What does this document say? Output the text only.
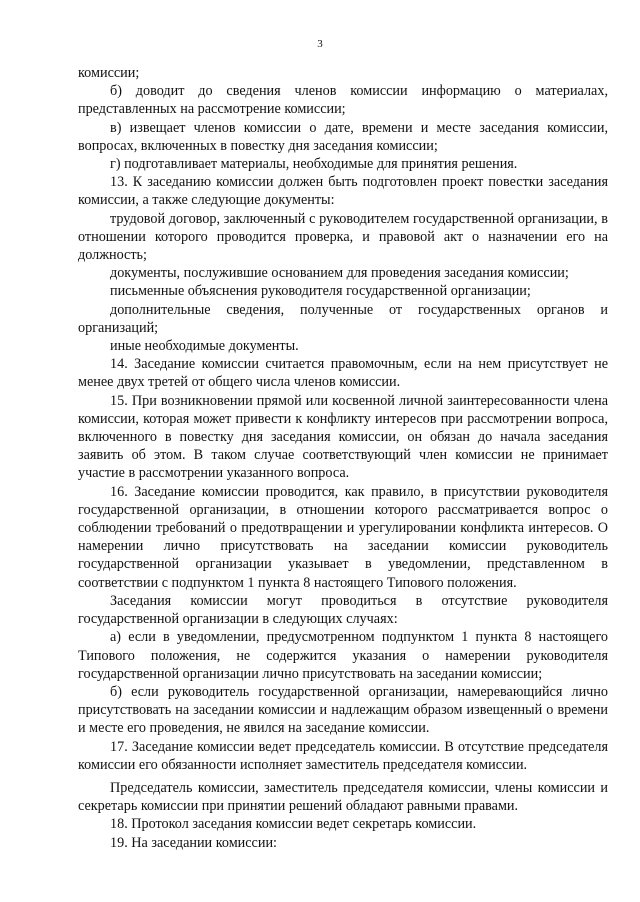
3

комиссии;

б) доводит до сведения членов комиссии информацию о материалах, представленных на рассмотрение комиссии;

в) извещает членов комиссии о дате, времени и месте заседания комиссии, вопросах, включенных в повестку дня заседания комиссии;

г) подготавливает материалы, необходимые для принятия решения.

13. К заседанию комиссии должен быть подготовлен проект повестки заседания комиссии, а также следующие документы:

трудовой договор, заключенный с руководителем государственной организации, в отношении которого проводится проверка, и правовой акт о назначении его на должность;

документы, послужившие основанием для проведения заседания комиссии;

письменные объяснения руководителя государственной организации;

дополнительные сведения, полученные от государственных органов и организаций;

иные необходимые документы.

14. Заседание комиссии считается правомочным, если на нем присутствует не менее двух третей от общего числа членов комиссии.

15. При возникновении прямой или косвенной личной заинтересованности члена комиссии, которая может привести к конфликту интересов при рассмотрении вопроса, включенного в повестку дня заседания комиссии, он обязан до начала заседания заявить об этом. В таком случае соответствующий член комиссии не принимает участие в рассмотрении указанного вопроса.

16. Заседание комиссии проводится, как правило, в присутствии руководителя государственной организации, в отношении которого рассматривается вопрос о соблюдении требований о предотвращении и урегулировании конфликта интересов. О намерении лично присутствовать на заседании комиссии руководитель государственной организации указывает в уведомлении, представленном в соответствии с подпунктом 1 пункта 8 настоящего Типового положения.

Заседания комиссии могут проводиться в отсутствие руководителя государственной организации в следующих случаях:

а) если в уведомлении, предусмотренном подпунктом 1 пункта 8 настоящего Типового положения, не содержится указания о намерении руководителя государственной организации лично присутствовать на заседании комиссии;

б) если руководитель государственной организации, намеревающийся лично присутствовать на заседании комиссии и надлежащим образом извещенный о времени и месте его проведения, не явился на заседание комиссии.

17. Заседание комиссии ведет председатель комиссии. В отсутствие председателя комиссии его обязанности исполняет заместитель председателя комиссии.

Председатель комиссии, заместитель председателя комиссии, члены комиссии и секретарь комиссии при принятии решений обладают равными правами.

18. Протокол заседания комиссии ведет секретарь комиссии.

19. На заседании комиссии:
